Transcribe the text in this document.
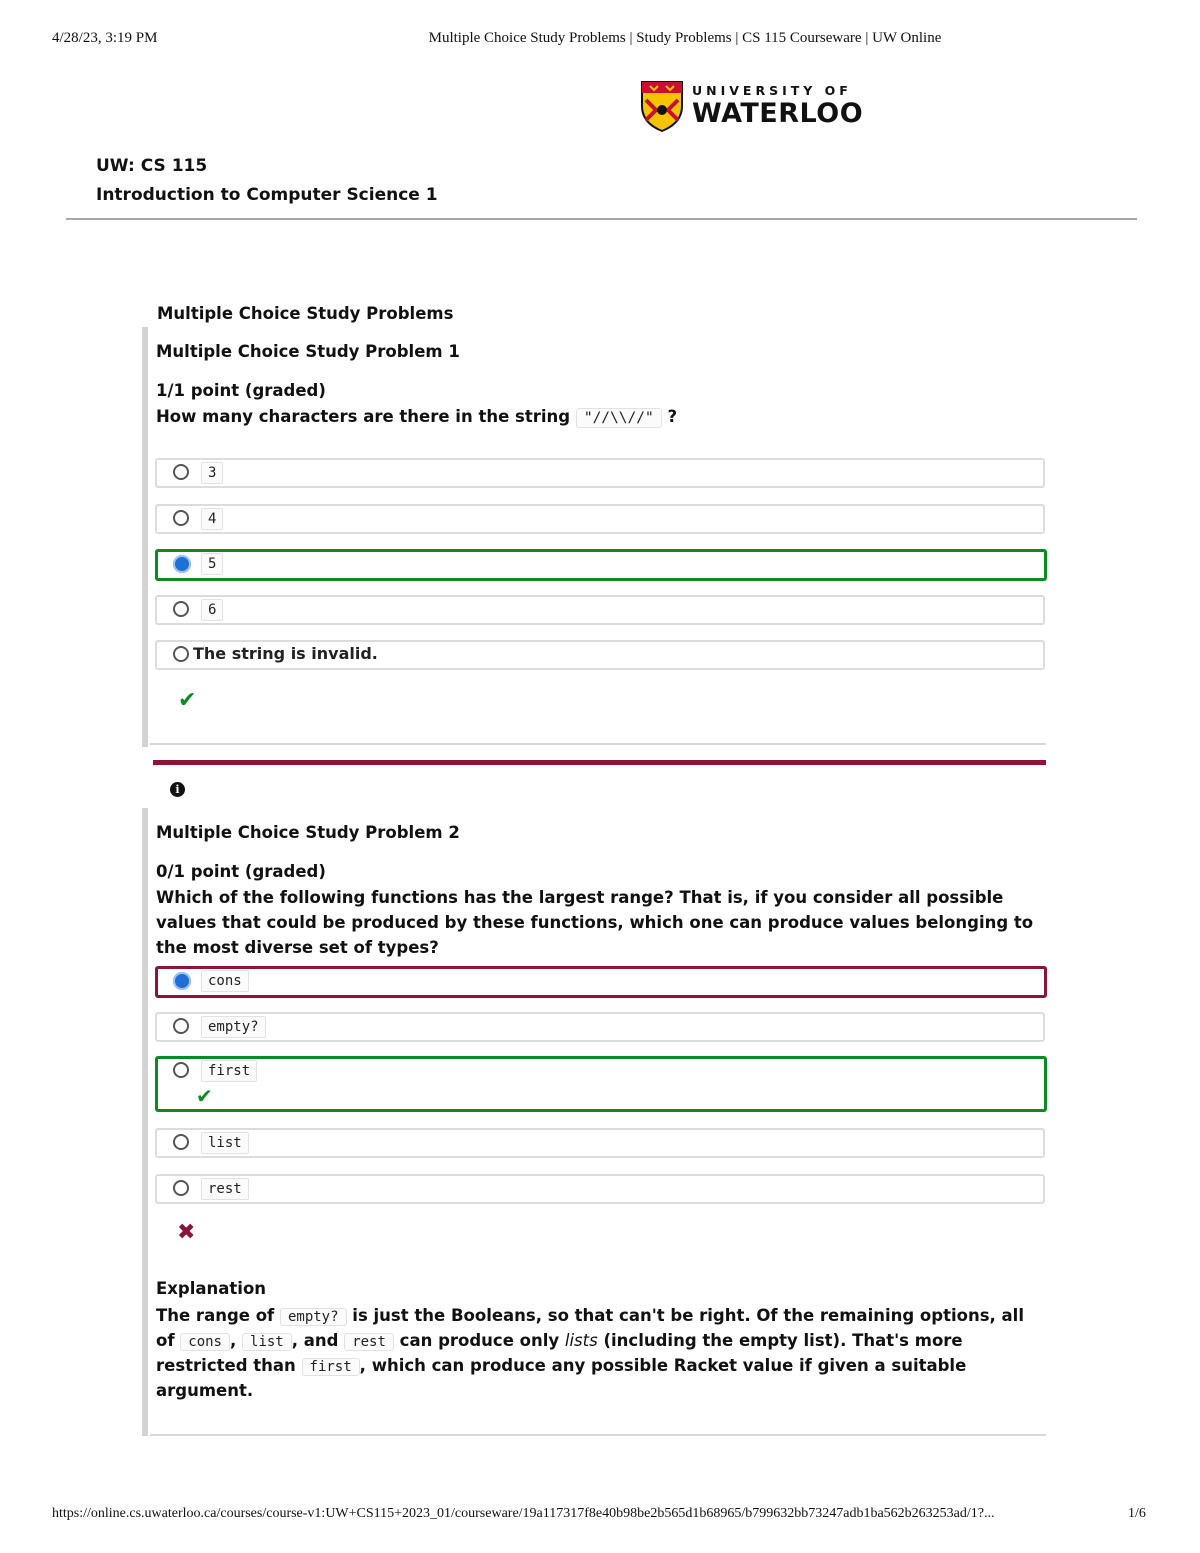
4/28/23, 3:19 PM	Multiple Choice Study Problems | Study Problems | CS 115 Courseware | UW Online
UNIVERSITY OF
WATERLOO
UW: CS 115
Introduction to Computer Science 1
Multiple Choice Study Problems
Multiple Choice Study Problem 1
1/1 point (graded)
How many characters are there in the string "//\\//" ?
3
4
5
6
The string is invalid.
✔
i
Multiple Choice Study Problem 2
0/1 point (graded)
Which of the following functions has the largest range? That is, if you consider all possible values that could be produced by these functions, which one can produce values belonging to the most diverse set of types?
cons
empty?
first
✔
list
rest
✖
Explanation
The range of empty? is just the Booleans, so that can't be right. Of the remaining options, all of cons , list , and rest can produce only lists (including the empty list). That's more restricted than first , which can produce any possible Racket value if given a suitable argument.
https://online.cs.uwaterloo.ca/courses/course-v1:UW+CS115+2023_01/courseware/19a117317f8e40b98be2b565d1b68965/b799632bb73247adb1ba562b263253ad/1?...	1/6
